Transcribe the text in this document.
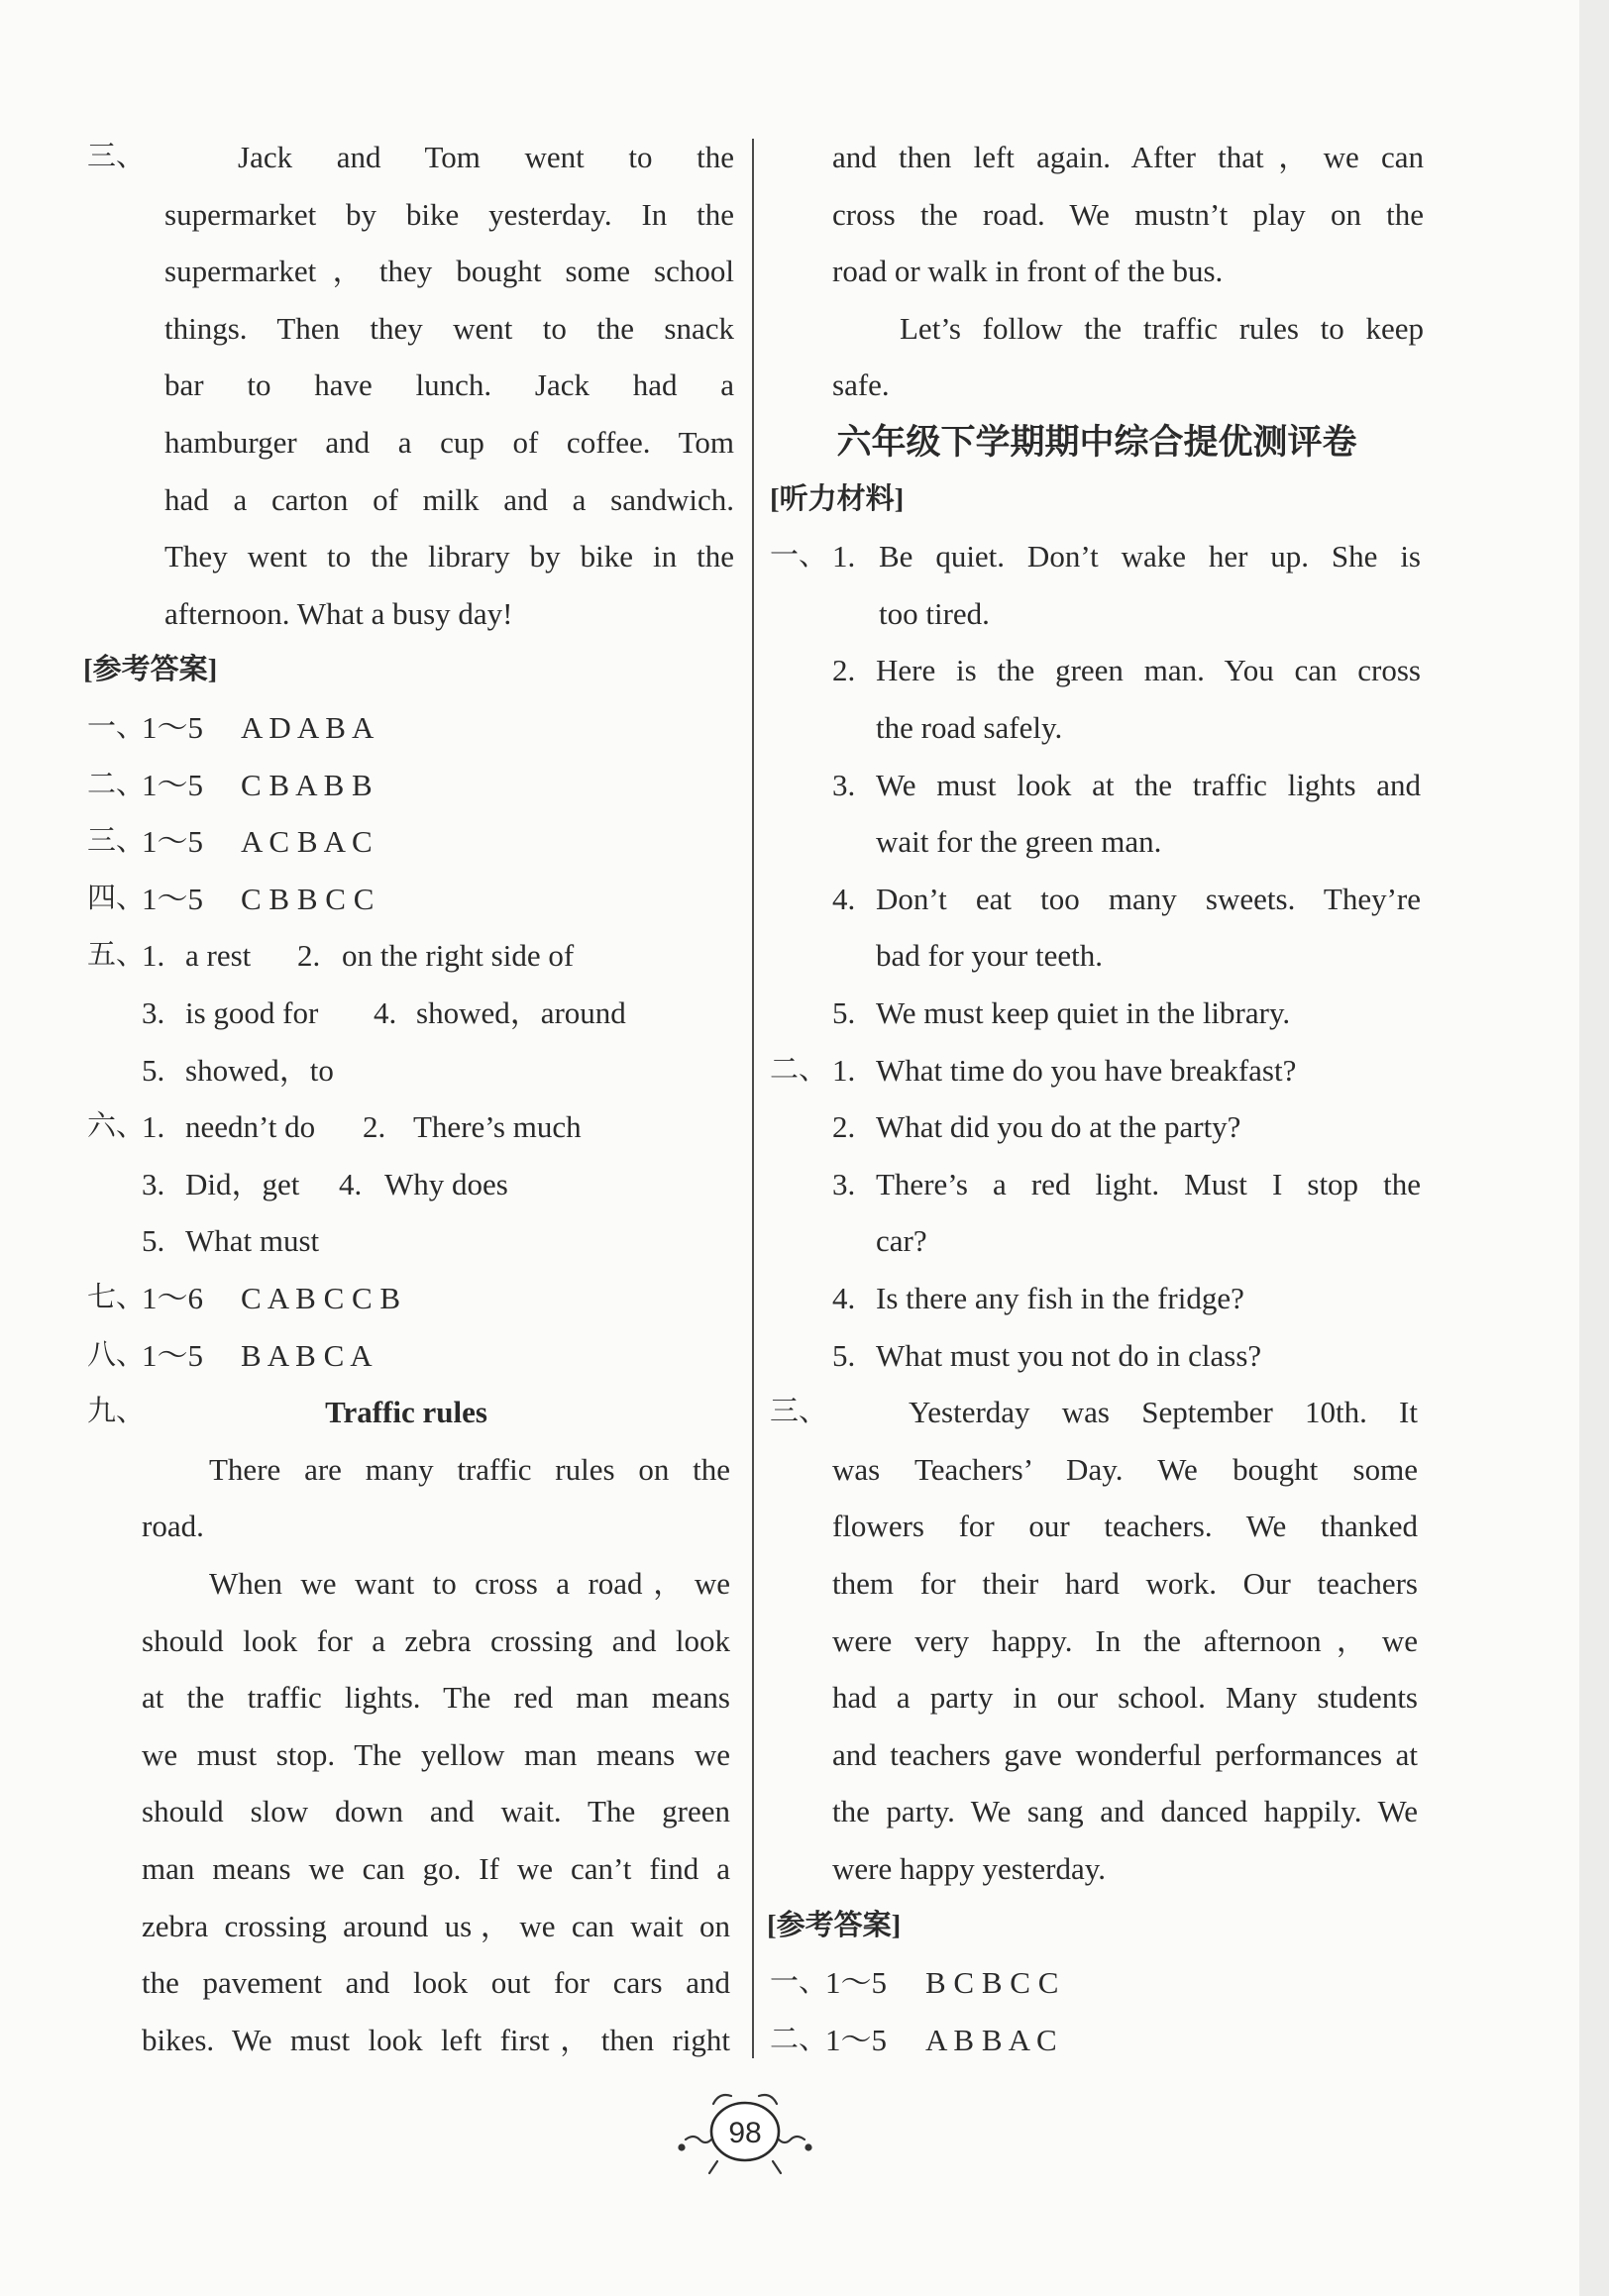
三、	Jack and Tom went to the
supermarket by bike yesterday. In the
supermarket，they bought some school
things. Then they went to the snack
bar to have lunch. Jack had a
hamburger and a cup of coffee. Tom
had a carton of milk and a sandwich.
They went to the library by bike in the
afternoon. What a busy day!
[参考答案]
一、
1～5 A D A B A
二、
1～5 C B A B B
三、
1～5 A C B A C
四、
1～5 C B B C C
五、
1. a rest 2. on the right side of
3. is good for 4. showed，around
5. showed，to
六、
1. needn’t do 2. There’s much
3. Did，get 4. Why does
5. What must
七、
1～6 C A B C C B
八、
1～5 B A B C A
九、	Traffic rules
There are many traffic rules on the
road.
When we want to cross a road，we
should look for a zebra crossing and look
at the traffic lights. The red man means
we must stop. The yellow man means we
should slow down and wait. The green
man means we can go. If we can’t find a
zebra crossing around us，we can wait on
the pavement and look out for cars and
bikes. We must look left first，then right
and then left again. After that，we can
cross the road. We mustn’t play on the
road or walk in front of the bus.
Let’s follow the traffic rules to keep
safe.
六年级下学期期中综合提优测评卷
[听力材料]
一、 1. Be quiet. Don’t wake her up. She is
too tired.
2. Here is the green man. You can cross
the road safely.
3. We must look at the traffic lights and
wait for the green man.
4. Don’t eat too many sweets. They’re
bad for your teeth.
5. We must keep quiet in the library.
二、 1. What time do you have breakfast?
2. What did you do at the party?
3. There’s a red light. Must I stop the
car?
4. Is there any fish in the fridge?
5. What must you not do in class?
三、	Yesterday was September 10th. It
was Teachers’ Day. We bought some
flowers for our teachers. We thanked
them for their hard work. Our teachers
were very happy. In the afternoon，we
had a party in our school. Many students
and teachers gave wonderful performances at
the party. We sang and danced happily. We
were happy yesterday.
[参考答案]
一、
1～5 B C B C C
二、
1～5 A B B A C
98
